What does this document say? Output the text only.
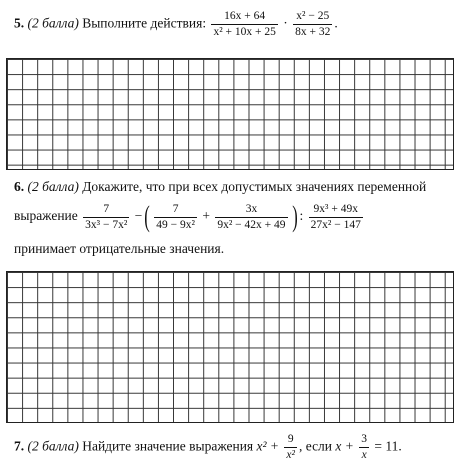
5. (2 балла) Выполните действия: $\frac{16x + 64}{\text{x² + 10x + 25}} \cdot \frac{\text{x² − 25}}{8x + 32}$ .
6. (2 балла) Докажите, что при всех допустимых значениях переменной
выражение $\frac{7}{\text{3x³ − 7x²}}$ −( $\frac{7}{\text{49 − 9x²}} + \frac{3x}{\text{9x² − 42x + 49}}$ ) : $\frac{\text{9x³ + 49x}}{\text{27x² − 147}}$
принимает отрицательные значения.
7. (2 балла) Найдите значение выражения $x^2 + \frac{9}{\text{x²}}$ , если $x + \frac{3}{x} = 11$.
